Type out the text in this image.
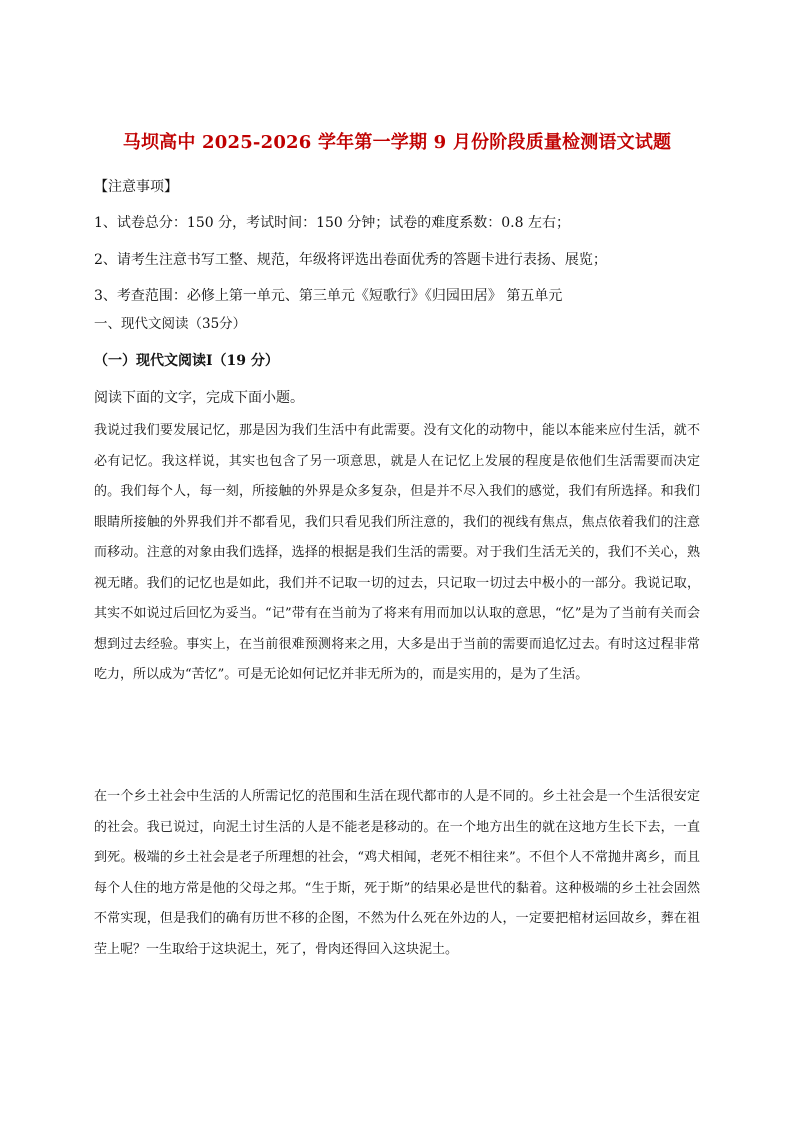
马坝高中 2025-2026 学年第一学期 9 月份阶段质量检测语文试题
【注意事项】
1、试卷总分：150 分，考试时间：150 分钟；试卷的难度系数：0.8 左右；
2、请考生注意书写工整、规范，年级将评选出卷面优秀的答题卡进行表扬、展览；
3、考查范围：必修上第一单元、第三单元《短歌行》《归园田居》 第五单元
一、现代文阅读（35分）
（一）现代文阅读Ⅰ（19 分）
阅读下面的文字，完成下面小题。
我说过我们要发展记忆，那是因为我们生活中有此需要。没有文化的动物中，能以本能来应付生活，就不必有记忆。我这样说，其实也包含了另一项意思，就是人在记忆上发展的程度是依他们生活需要而决定的。我们每个人，每一刻，所接触的外界是众多复杂，但是并不尽入我们的感觉，我们有所选择。和我们眼睛所接触的外界我们并不都看见，我们只看见我们所注意的，我们的视线有焦点，焦点依着我们的注意而移动。注意的对象由我们选择，选择的根据是我们生活的需要。对于我们生活无关的，我们不关心，熟视无睹。我们的记忆也是如此，我们并不记取一切的过去，只记取一切过去中极小的一部分。我说记取，其实不如说过后回忆为妥当。“记”带有在当前为了将来有用而加以认取的意思，“忆”是为了当前有关而会想到过去经验。事实上，在当前很难预测将来之用，大多是出于当前的需要而追忆过去。有时这过程非常吃力，所以成为“苦忆”。可是无论如何记忆并非无所为的，而是实用的，是为了生活。
在一个乡土社会中生活的人所需记忆的范围和生活在现代都市的人是不同的。乡土社会是一个生活很安定的社会。我已说过，向泥土讨生活的人是不能老是移动的。在一个地方出生的就在这地方生长下去，一直到死。极端的乡土社会是老子所理想的社会，“鸡犬相闻，老死不相往来”。不但个人不常抛井离乡，而且每个人住的地方常是他的父母之邦。“生于斯，死于斯”的结果必是世代的黏着。这种极端的乡土社会固然不常实现，但是我们的确有历世不移的企图，不然为什么死在外边的人，一定要把棺材运回故乡，葬在祖茔上呢？一生取给于这块泥土，死了，骨肉还得回入这块泥土。
